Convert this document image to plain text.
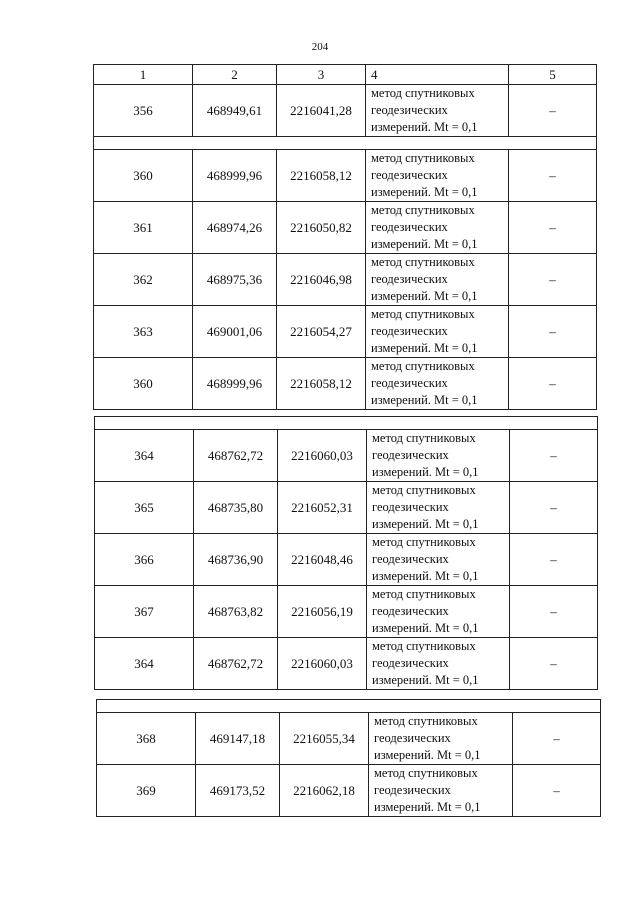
204
1	2	3	4	5
356	468949,61	2216041,28	метод спутниковых
геодезических
измерений. Mt = 0,1	–

360	468999,96	2216058,12	метод спутниковых
геодезических
измерений. Mt = 0,1	–
361	468974,26	2216050,82	метод спутниковых
геодезических
измерений. Mt = 0,1	–
362	468975,36	2216046,98	метод спутниковых
геодезических
измерений. Mt = 0,1	–
363	469001,06	2216054,27	метод спутниковых
геодезических
измерений. Mt = 0,1	–
360	468999,96	2216058,12	метод спутниковых
геодезических
измерений. Mt = 0,1	–

364	468762,72	2216060,03	метод спутниковых
геодезических
измерений. Mt = 0,1	–
365	468735,80	2216052,31	метод спутниковых
геодезических
измерений. Mt = 0,1	–
366	468736,90	2216048,46	метод спутниковых
геодезических
измерений. Mt = 0,1	–
367	468763,82	2216056,19	метод спутниковых
геодезических
измерений. Mt = 0,1	–
364	468762,72	2216060,03	метод спутниковых
геодезических
измерений. Mt = 0,1	–

368	469147,18	2216055,34	метод спутниковых
геодезических
измерений. Mt = 0,1	–
369	469173,52	2216062,18	метод спутниковых
геодезических
измерений. Mt = 0,1	–
